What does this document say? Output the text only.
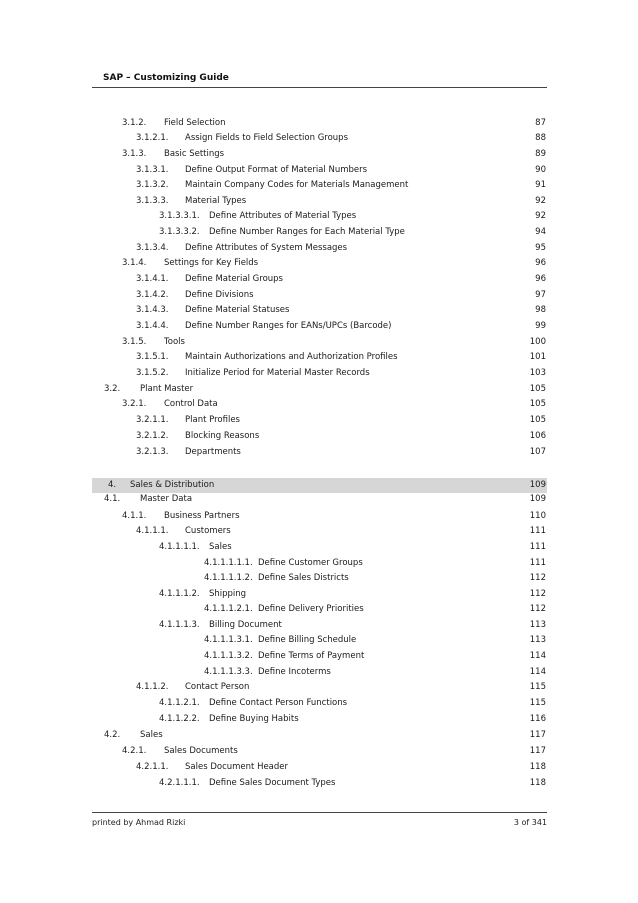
SAP – Customizing Guide
3.1.2. Field Selection	87
3.1.2.1. Assign Fields to Field Selection Groups	88
3.1.3. Basic Settings	89
3.1.3.1. Define Output Format of Material Numbers	90
3.1.3.2. Maintain Company Codes for Materials Management	91
3.1.3.3. Material Types	92
3.1.3.3.1. Define Attributes of Material Types	92
3.1.3.3.2. Define Number Ranges for Each Material Type	94
3.1.3.4. Define Attributes of System Messages	95
3.1.4. Settings for Key Fields	96
3.1.4.1. Define Material Groups	96
3.1.4.2. Define Divisions	97
3.1.4.3. Define Material Statuses	98
3.1.4.4. Define Number Ranges for EANs/UPCs (Barcode)	99
3.1.5. Tools	100
3.1.5.1. Maintain Authorizations and Authorization Profiles	101
3.1.5.2. Initialize Period for Material Master Records	103
3.2. Plant Master	105
3.2.1. Control Data	105
3.2.1.1. Plant Profiles	105
3.2.1.2. Blocking Reasons	106
3.2.1.3. Departments	107
4. Sales & Distribution	109
4.1. Master Data	109
4.1.1. Business Partners	110
4.1.1.1. Customers	111
4.1.1.1.1. Sales	111
4.1.1.1.1.1. Define Customer Groups	111
4.1.1.1.1.2. Define Sales Districts	112
4.1.1.1.2. Shipping	112
4.1.1.1.2.1. Define Delivery Priorities	112
4.1.1.1.3. Billing Document	113
4.1.1.1.3.1. Define Billing Schedule	113
4.1.1.1.3.2. Define Terms of Payment	114
4.1.1.1.3.3. Define Incoterms	114
4.1.1.2. Contact Person	115
4.1.1.2.1. Define Contact Person Functions	115
4.1.1.2.2. Define Buying Habits	116
4.2. Sales	117
4.2.1. Sales Documents	117
4.2.1.1. Sales Document Header	118
4.2.1.1.1. Define Sales Document Types	118
printed by Ahmad Rizki	3 of 341
